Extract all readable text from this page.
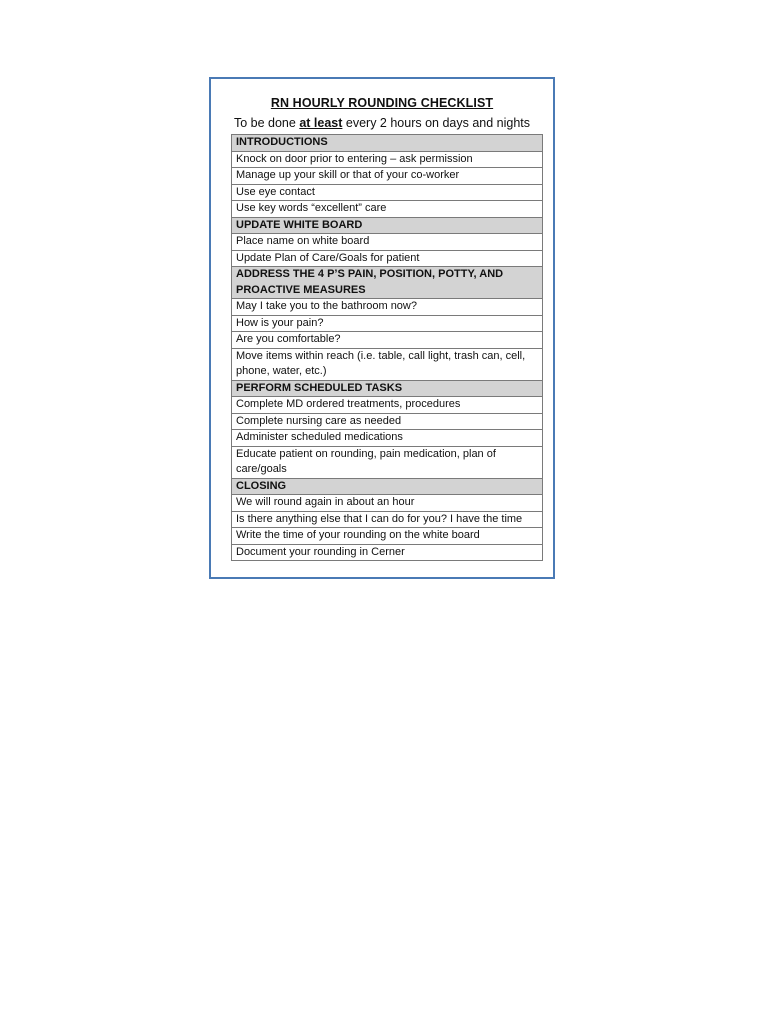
RN HOURLY ROUNDING CHECKLIST
To be done at least every 2 hours on days and nights
INTRODUCTIONS
Knock on door prior to entering – ask permission
Manage up your skill or that of your co-worker
Use eye contact
Use key words “excellent” care
UPDATE WHITE BOARD
Place name on white board
Update Plan of Care/Goals for patient
ADDRESS THE 4 P’S PAIN, POSITION, POTTY, AND PROACTIVE MEASURES
May I take you to the bathroom now?
How is your pain?
Are you comfortable?
Move items within reach (i.e. table, call light, trash can, cell, phone, water, etc.)
PERFORM SCHEDULED TASKS
Complete MD ordered treatments, procedures
Complete nursing care as needed
Administer scheduled medications
Educate patient on rounding, pain medication, plan of care/goals
CLOSING
We will round again in about an hour
Is there anything else that I can do for you? I have the time
Write the time of your rounding on the white board
Document your rounding in Cerner
